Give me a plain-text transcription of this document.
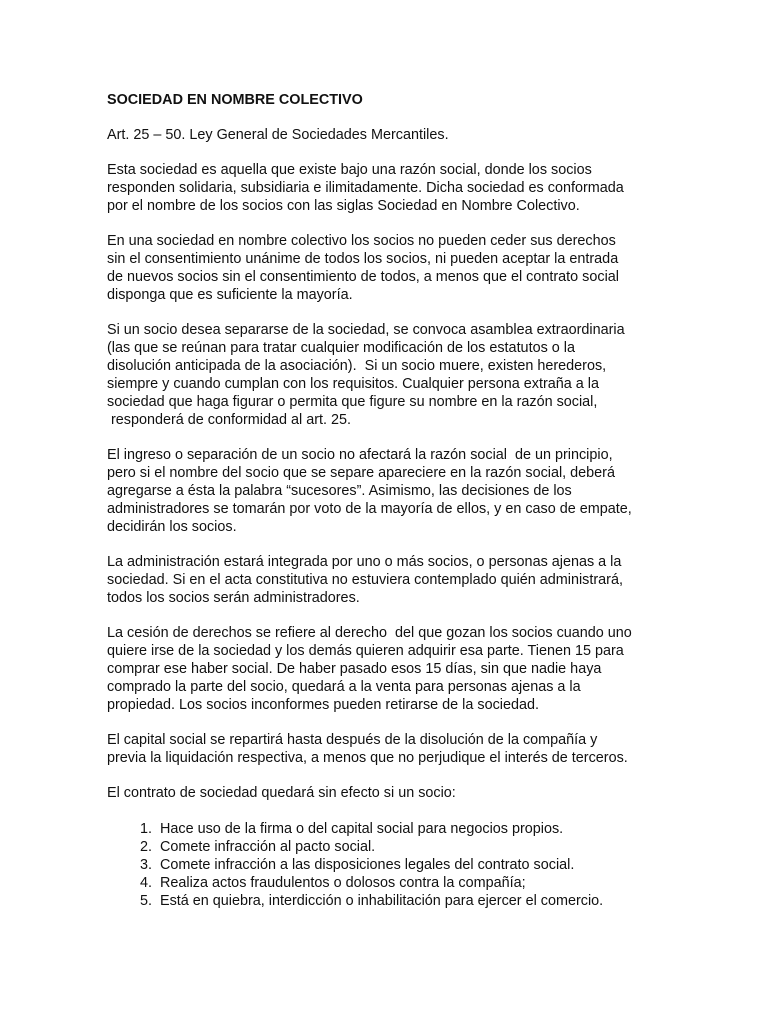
SOCIEDAD EN NOMBRE COLECTIVO
Art. 25 – 50. Ley General de Sociedades Mercantiles.
Esta sociedad es aquella que existe bajo una razón social, donde los socios
responden solidaria, subsidiaria e ilimitadamente. Dicha sociedad es conformada
por el nombre de los socios con las siglas Sociedad en Nombre Colectivo.
En una sociedad en nombre colectivo los socios no pueden ceder sus derechos
sin el consentimiento unánime de todos los socios, ni pueden aceptar la entrada
de nuevos socios sin el consentimiento de todos, a menos que el contrato social
disponga que es suficiente la mayoría.
Si un socio desea separarse de la sociedad, se convoca asamblea extraordinaria
(las que se reúnan para tratar cualquier modificación de los estatutos o la
disolución anticipada de la asociación).  Si un socio muere, existen herederos,
siempre y cuando cumplan con los requisitos. Cualquier persona extraña a la
sociedad que haga figurar o permita que figure su nombre en la razón social,
responderá de conformidad al art. 25.
El ingreso o separación de un socio no afectará la razón social  de un principio,
pero si el nombre del socio que se separe apareciere en la razón social, deberá
agregarse a ésta la palabra “sucesores”. Asimismo, las decisiones de los
administradores se tomarán por voto de la mayoría de ellos, y en caso de empate,
decidirán los socios.
La administración estará integrada por uno o más socios, o personas ajenas a la
sociedad. Si en el acta constitutiva no estuviera contemplado quién administrará,
todos los socios serán administradores.
La cesión de derechos se refiere al derecho  del que gozan los socios cuando uno
quiere irse de la sociedad y los demás quieren adquirir esa parte. Tienen 15 para
comprar ese haber social. De haber pasado esos 15 días, sin que nadie haya
comprado la parte del socio, quedará a la venta para personas ajenas a la
propiedad. Los socios inconformes pueden retirarse de la sociedad.
El capital social se repartirá hasta después de la disolución de la compañía y
previa la liquidación respectiva, a menos que no perjudique el interés de terceros.
El contrato de sociedad quedará sin efecto si un socio:
1. Hace uso de la firma o del capital social para negocios propios.
2. Comete infracción al pacto social.
3. Comete infracción a las disposiciones legales del contrato social.
4. Realiza actos fraudulentos o dolosos contra la compañía;
5. Está en quiebra, interdicción o inhabilitación para ejercer el comercio.
